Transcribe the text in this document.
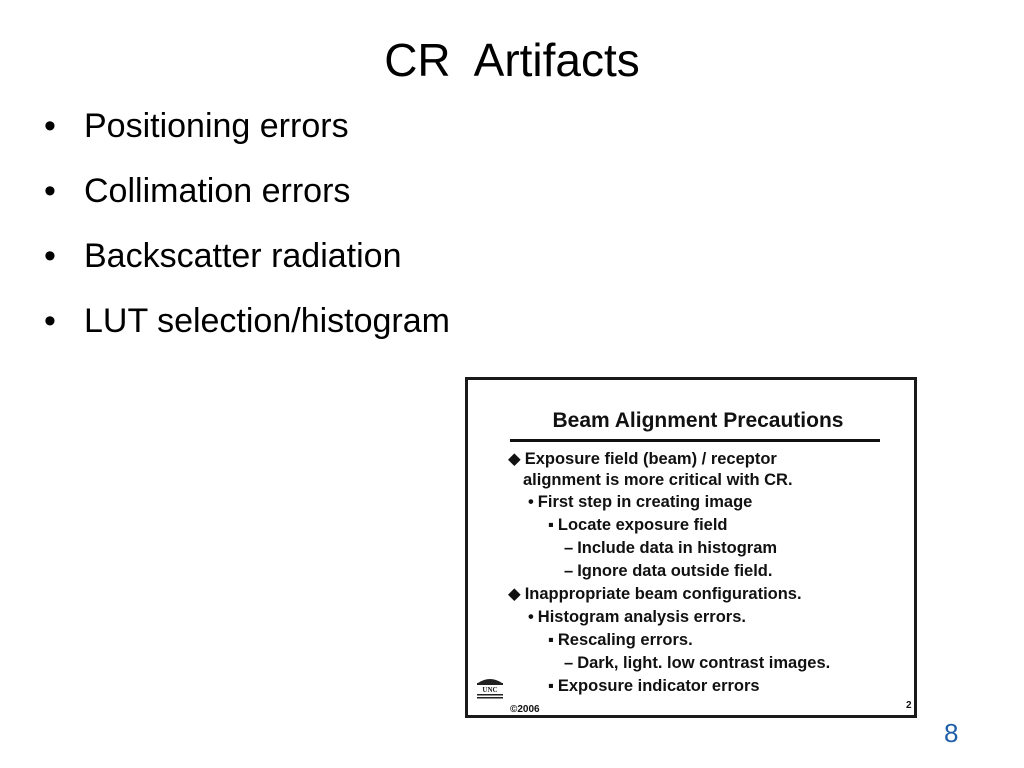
CR  Artifacts
• Positioning errors
• Collimation errors
• Backscatter radiation
• LUT selection/histogram
Beam Alignment Precautions
◆ Exposure field (beam) / receptor
alignment is more critical with CR.
• First step in creating image
▪ Locate exposure field
– Include data in histogram
– Ignore data outside field.
◆ Inappropriate beam configurations.
• Histogram analysis errors.
▪ Rescaling errors.
– Dark, light. low contrast images.
▪ Exposure indicator errors
UNC
©2006	2
8
